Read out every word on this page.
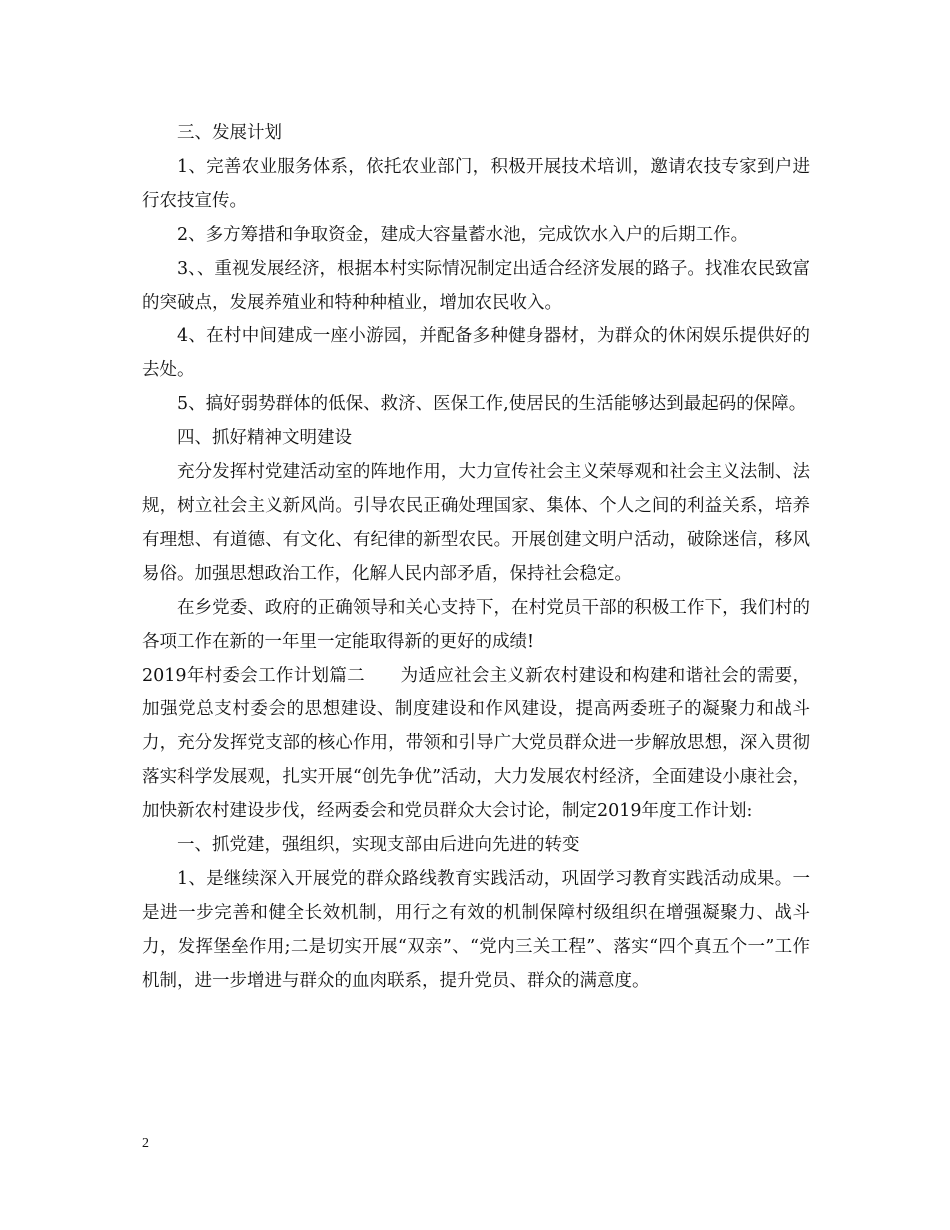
三、发展计划

1、完善农业服务体系，依托农业部门，积极开展技术培训，邀请农技专家到户进行农技宣传。

2、多方筹措和争取资金，建成大容量蓄水池，完成饮水入户的后期工作。

3、、重视发展经济，根据本村实际情况制定出适合经济发展的路子。找准农民致富的突破点，发展养殖业和特种种植业，增加农民收入。

4、在村中间建成一座小游园，并配备多种健身器材，为群众的休闲娱乐提供好的去处。

5、搞好弱势群体的低保、救济、医保工作,使居民的生活能够达到最起码的保障。

四、抓好精神文明建设

充分发挥村党建活动室的阵地作用，大力宣传社会主义荣辱观和社会主义法制、法规，树立社会主义新风尚。引导农民正确处理国家、集体、个人之间的利益关系，培养有理想、有道德、有文化、有纪律的新型农民。开展创建文明户活动，破除迷信，移风易俗。加强思想政治工作，化解人民内部矛盾，保持社会稳定。

在乡党委、政府的正确领导和关心支持下，在村党员干部的积极工作下，我们村的各项工作在新的一年里一定能取得新的更好的成绩!

2019年村委会工作计划篇二　　为适应社会主义新农村建设和构建和谐社会的需要，加强党总支村委会的思想建设、制度建设和作风建设，提高两委班子的凝聚力和战斗力，充分发挥党支部的核心作用，带领和引导广大党员群众进一步解放思想，深入贯彻落实科学发展观，扎实开展“创先争优”活动，大力发展农村经济，全面建设小康社会，加快新农村建设步伐，经两委会和党员群众大会讨论，制定2019年度工作计划:

一、抓党建，强组织，实现支部由后进向先进的转变

1、是继续深入开展党的群众路线教育实践活动，巩固学习教育实践活动成果。一是进一步完善和健全长效机制，用行之有效的机制保障村级组织在增强凝聚力、战斗力，发挥堡垒作用;二是切实开展“双亲”、“党内三关工程”、落实“四个真五个一”工作机制，进一步增进与群众的血肉联系，提升党员、群众的满意度。

2
